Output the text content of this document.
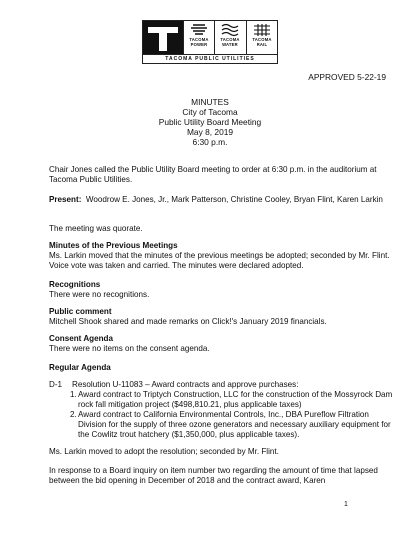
TACOMA POWER
TACOMA WATER
TACOMA RAIL
TACOMA PUBLIC UTILITIES
APPROVED 5-22-19
MINUTES
City of Tacoma
Public Utility Board Meeting
May 8, 2019
6:30 p.m.

Chair Jones called the Public Utility Board meeting to order at 6:30 p.m. in the auditorium at Tacoma Public Utilities.

Present: Woodrow E. Jones, Jr., Mark Patterson, Christine Cooley, Bryan Flint, Karen Larkin

The meeting was quorate.

Minutes of the Previous Meetings

Ms. Larkin moved that the minutes of the previous meetings be adopted; seconded by Mr. Flint. Voice vote was taken and carried. The minutes were declared adopted.

Recognitions

There were no recognitions.

Public comment

Mitchell Shook shared and made remarks on Click!'s January 2019 financials.

Consent Agenda

There were no items on the consent agenda.

Regular Agenda

D-1 Resolution U-11083 – Award contracts and approve purchases:
1. Award contract to Triptych Construction, LLC for the construction of the Mossyrock Dam rock fall mitigation project ($498,810.21, plus applicable taxes)
2. Award contract to California Environmental Controls, Inc., DBA Pureflow Filtration Division for the supply of three ozone generators and necessary auxiliary equipment for the Cowlitz trout hatchery ($1,350,000, plus applicable taxes).

Ms. Larkin moved to adopt the resolution; seconded by Mr. Flint.

In response to a Board inquiry on item number two regarding the amount of time that lapsed between the bid opening in December of 2018 and the contract award, Karen

1
